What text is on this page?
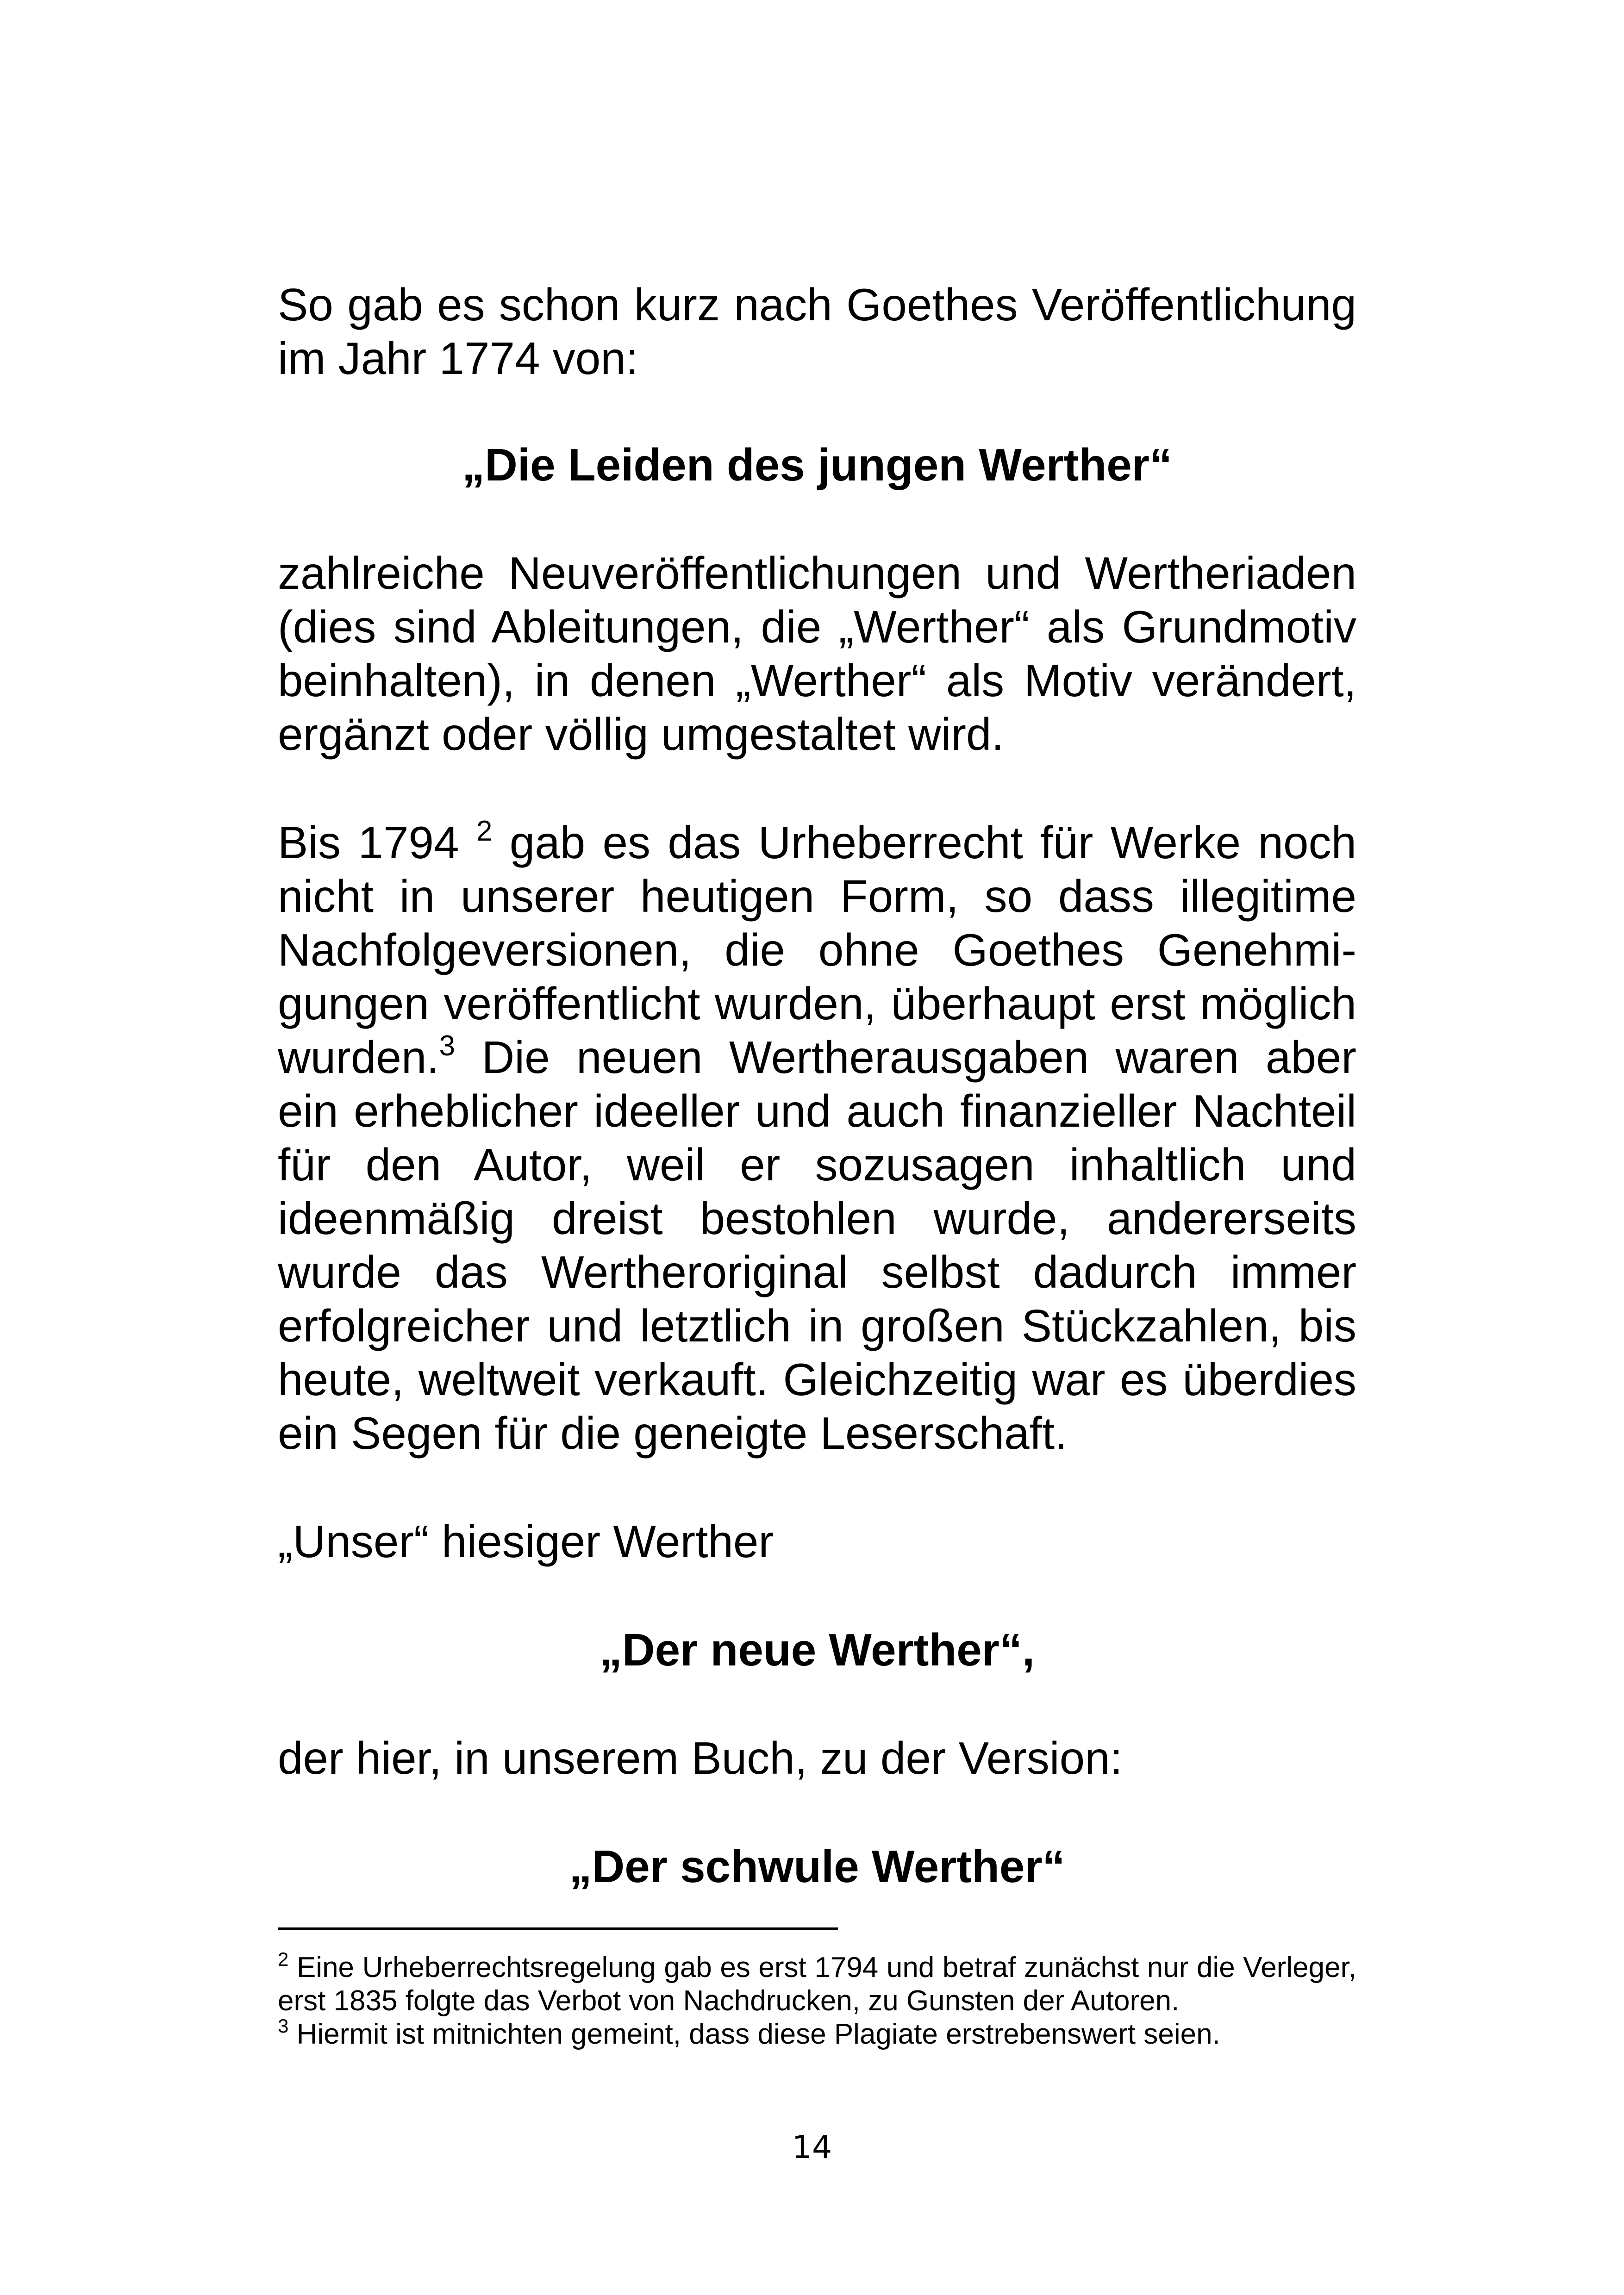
So gab es schon kurz nach Goethes Veröffentlichung im Jahr 1774 von:

„Die Leiden des jungen Werther“

zahlreiche Neuveröffentlichungen und Wertheriaden (dies sind Ableitungen, die „Werther“ als Grundmotiv beinhalten), in denen „Werther“ als Motiv verändert, ergänzt oder völlig umgestaltet wird.

Bis 1794 $^2$ gab es das Urheberrecht für Werke noch nicht in unserer heutigen Form, so dass illegitime Nachfolgeversionen, die ohne Goethes Genehmigungen veröffentlicht wurden, überhaupt erst möglich wurden.$^3$ Die neuen Wertherausgaben waren aber ein erheblicher ideeller und auch finanzieller Nachteil für den Autor, weil er sozusagen inhaltlich und ideenmäßig dreist bestohlen wurde, andererseits wurde das Wertheroriginal selbst dadurch immer erfolgreicher und letztlich in großen Stückzahlen, bis heute, weltweit verkauft. Gleichzeitig war es überdies ein Segen für die geneigte Leserschaft.

„Unser“ hiesiger Werther

„Der neue Werther“,

der hier, in unserem Buch, zu der Version:

„Der schwule Werther“

$^2$ Eine Urheberrechtsregelung gab es erst 1794 und betraf zunächst nur die Verleger, erst 1835 folgte das Verbot von Nachdrucken, zu Gunsten der Autoren.

$^3$ Hiermit ist mitnichten gemeint, dass diese Plagiate erstrebenswert seien.

14
